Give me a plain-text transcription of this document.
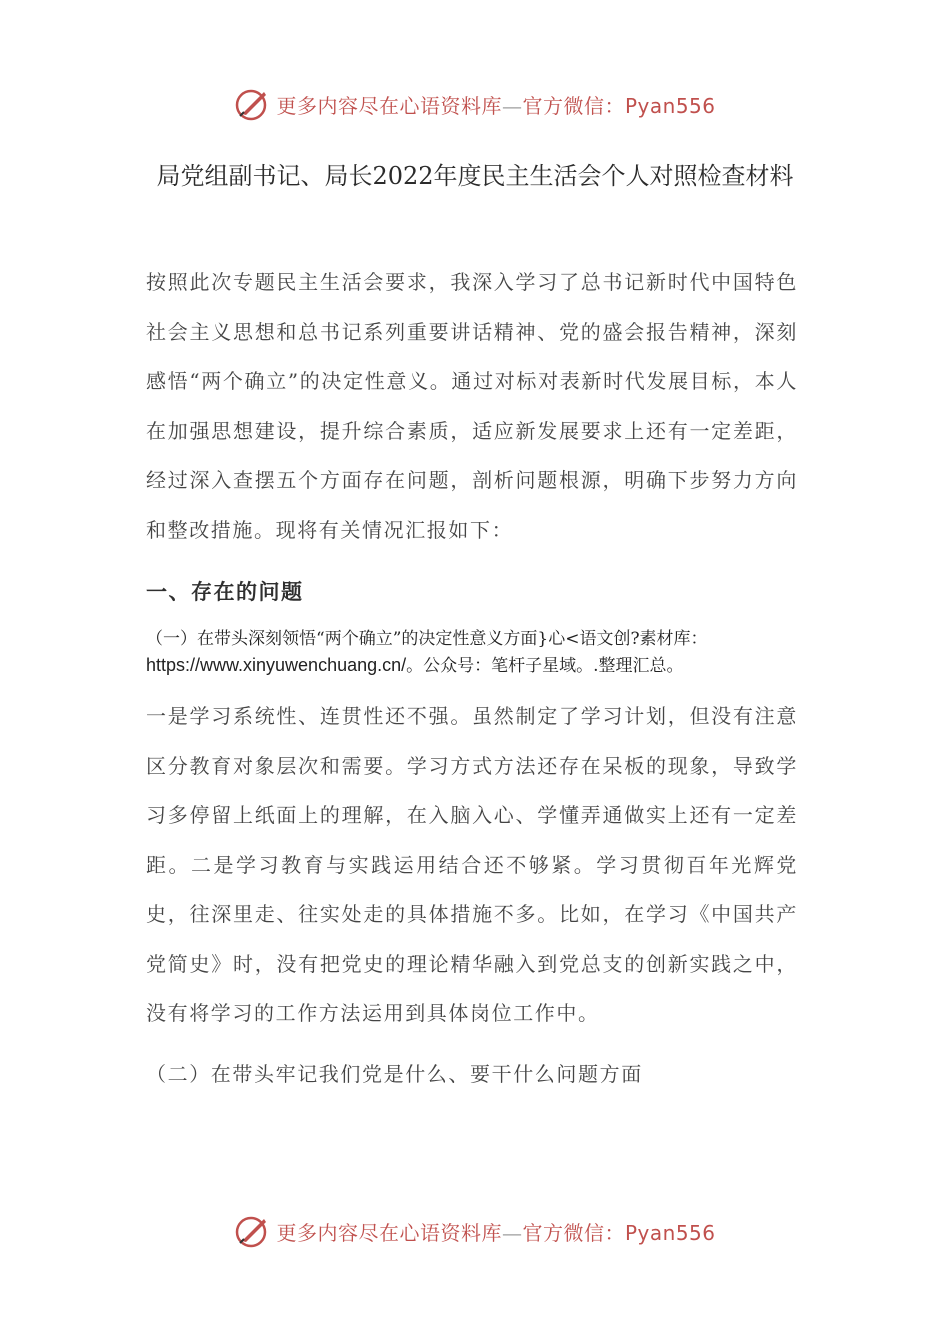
更多内容尽在心语资料库—官方微信：Pyan556
局党组副书记、局长2022年度民主生活会个人对照检查材料
按照此次专题民主生活会要求，我深入学习了总书记新时代中国特色社会主义思想和总书记系列重要讲话精神、党的盛会报告精神，深刻感悟“两个确立”的决定性意义。通过对标对表新时代发展目标，本人在加强思想建设，提升综合素质，适应新发展要求上还有一定差距，经过深入查摆五个方面存在问题，剖析问题根源，明确下步努力方向和整改措施。现将有关情况汇报如下：
一、存在的问题
（一）在带头深刻领悟“两个确立”的决定性意义方面}心<语文创?素材库：
https://www.xinyuwenchuang.cn/。公众号：笔杆子星域。.整理汇总。
一是学习系统性、连贯性还不强。虽然制定了学习计划，但没有注意区分教育对象层次和需要。学习方式方法还存在呆板的现象，导致学习多停留上纸面上的理解，在入脑入心、学懂弄通做实上还有一定差距。二是学习教育与实践运用结合还不够紧。学习贯彻百年光辉党史，往深里走、往实处走的具体措施不多。比如，在学习《中国共产党简史》时，没有把党史的理论精华融入到党总支的创新实践之中，没有将学习的工作方法运用到具体岗位工作中。
（二）在带头牢记我们党是什么、要干什么问题方面
更多内容尽在心语资料库—官方微信：Pyan556
